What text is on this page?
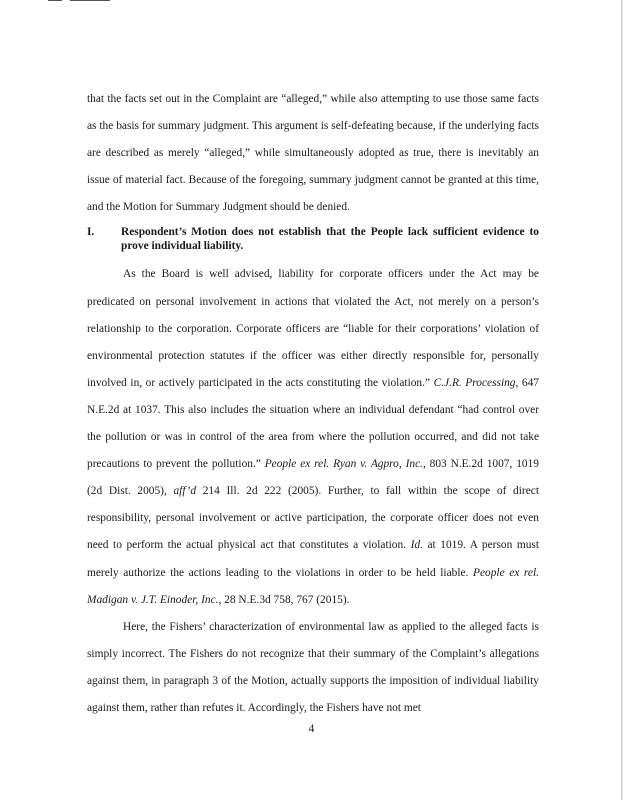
that the facts set out in the Complaint are “alleged,” while also attempting to use those same facts as the basis for summary judgment. This argument is self-defeating because, if the underlying facts are described as merely “alleged,” while simultaneously adopted as true, there is inevitably an issue of material fact. Because of the foregoing, summary judgment cannot be granted at this time, and the Motion for Summary Judgment should be denied.

I.	Respondent’s Motion does not establish that the People lack sufficient evidence to prove individual liability.

As the Board is well advised, liability for corporate officers under the Act may be predicated on personal involvement in actions that violated the Act, not merely on a person’s relationship to the corporation. Corporate officers are “liable for their corporations’ violation of environmental protection statutes if the officer was either directly responsible for, personally involved in, or actively participated in the acts constituting the violation.” C.J.R. Processing, 647 N.E.2d at 1037. This also includes the situation where an individual defendant “had control over the pollution or was in control of the area from where the pollution occurred, and did not take precautions to prevent the pollution.” People ex rel. Ryan v. Agpro, Inc., 803 N.E.2d 1007, 1019 (2d Dist. 2005), aff’d 214 Ill. 2d 222 (2005). Further, to fall within the scope of direct responsibility, personal involvement or active participation, the corporate officer does not even need to perform the actual physical act that constitutes a violation. Id. at 1019. A person must merely authorize the actions leading to the violations in order to be held liable. People ex rel. Madigan v. J.T. Einoder, Inc., 28 N.E.3d 758, 767 (2015).

Here, the Fishers’ characterization of environmental law as applied to the alleged facts is simply incorrect. The Fishers do not recognize that their summary of the Complaint’s allegations against them, in paragraph 3 of the Motion, actually supports the imposition of individual liability against them, rather than refutes it. Accordingly, the Fishers have not met

4
